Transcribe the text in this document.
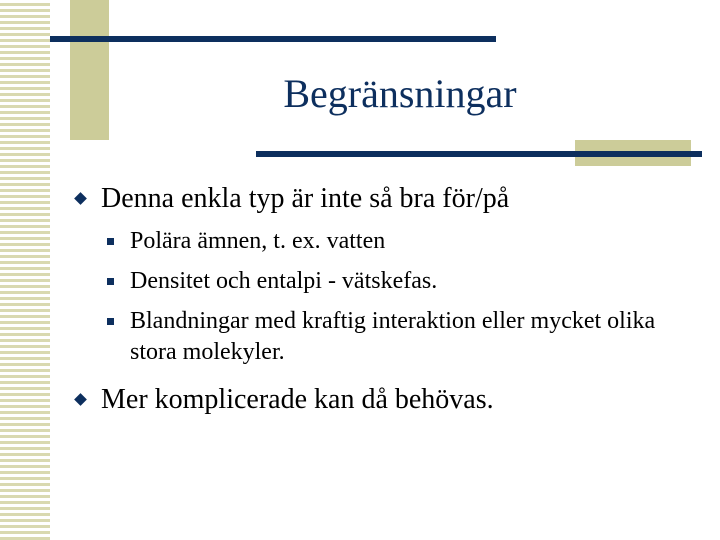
Begränsningar
Denna enkla typ är inte så bra för/på
Polära ämnen, t. ex. vatten
Densitet och entalpi - vätskefas.
Blandningar med kraftig interaktion eller mycket olika stora molekyler.
Mer komplicerade kan då behövas.
